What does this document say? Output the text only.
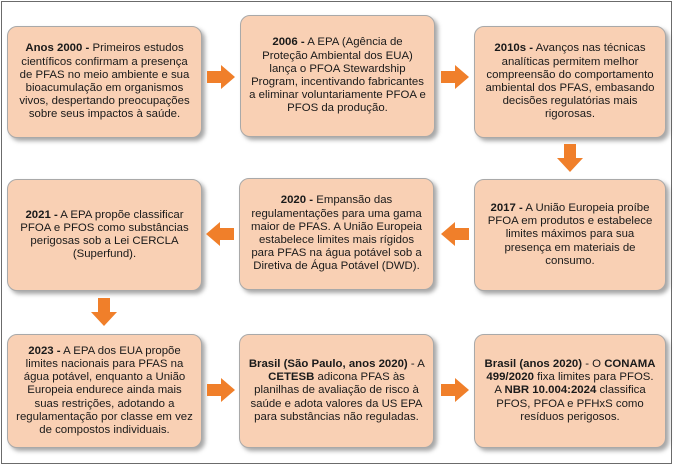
Anos 2000 - Primeiros estudos científicos confirmam a presença de PFAS no meio ambiente e sua bioacumulação em organismos vivos, despertando preocupações sobre seus impactos à saúde.
2006 - A EPA (Agência de Proteção Ambiental dos EUA) lança o PFOA Stewardship Program, incentivando fabricantes a eliminar voluntariamente PFOA e PFOS da produção.
2010s - Avanços nas técnicas analíticas permitem melhor compreensão do comportamento ambiental dos PFAS, embasando decisões regulatórias mais rigorosas.
2021 - A EPA propõe classificar PFOA e PFOS como substâncias perigosas sob a Lei CERCLA (Superfund).
2020 - Empansão das regulamentações para uma gama maior de PFAS. A União Europeia estabelece limites mais rígidos para PFAS na água potável sob a Diretiva de Água Potável (DWD).
2017 - A União Europeia proíbe PFOA em produtos e estabelece limites máximos para sua presença em materiais de consumo.
2023 - A EPA dos EUA propõe limites nacionais para PFAS na água potável, enquanto a União Europeia endurece ainda mais suas restrições, adotando a regulamentação por classe em vez de compostos individuais.
Brasil (São Paulo, anos 2020) - A CETESB adicona PFAS às planilhas de avaliação de risco à saúde e adota valores da US EPA para substâncias não reguladas.
Brasil (anos 2020) - O CONAMA 499/2020 fixa limites para PFOS. A NBR 10.004:2024 classifica PFOS, PFOA e PFHxS como resíduos perigosos.
